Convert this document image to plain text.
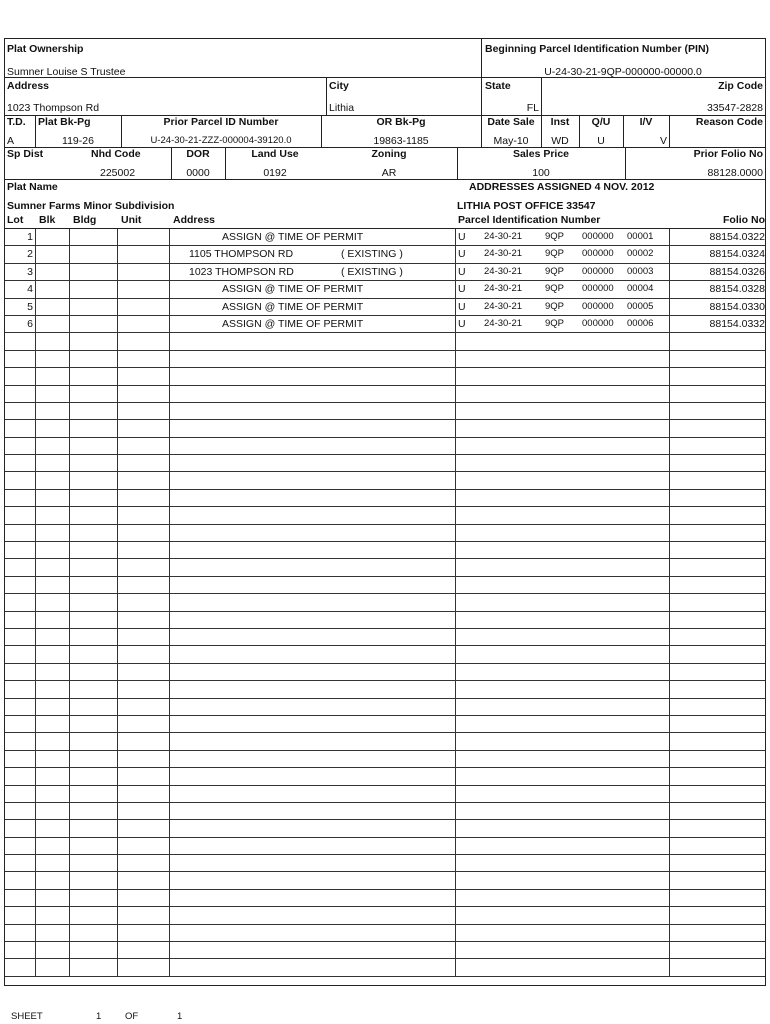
Plat Ownership
Sumner Louise S Trustee
Beginning Parcel Identification Number (PIN)
U-24-30-21-9QP-000000-00000.0
Address
1023 Thompson Rd
City
Lithia
State
FL
Zip Code
33547-2828
T.D.
A
Plat Bk-Pg
119-26
Prior Parcel ID Number
U-24-30-21-ZZZ-000004-39120.0
OR Bk-Pg
19863-1185
Date Sale
May-10
Inst
WD
Q/U
U
I/V
V
Reason Code
Sp Dist	Nhd Code
225002
DOR
0000
Land Use
0192
Zoning
AR
Sales Price
100
Prior Folio No
88128.0000
Plat Name	ADDRESSES ASSIGNED 4 NOV. 2012
Sumner Farms Minor Subdivision	LITHIA POST OFFICE 33547
Lot Blk Bldg Unit	Address	Parcel Identification Number	Folio No
1	ASSIGN @ TIME OF PERMIT	U 24-30-21 9QP 000000 00001	88154.0322
2	1105 THOMPSON RD	( EXISTING )	U 24-30-21 9QP 000000 00002	88154.0324
3	1023 THOMPSON RD	( EXISTING )	U 24-30-21 9QP 000000 00003	88154.0326
4	ASSIGN @ TIME OF PERMIT	U 24-30-21 9QP 000000 00004	88154.0328
5	ASSIGN @ TIME OF PERMIT	U 24-30-21 9QP 000000 00005	88154.0330
6	ASSIGN @ TIME OF PERMIT	U 24-30-21 9QP 000000 00006	88154.0332
SHEET	1 OF	1
